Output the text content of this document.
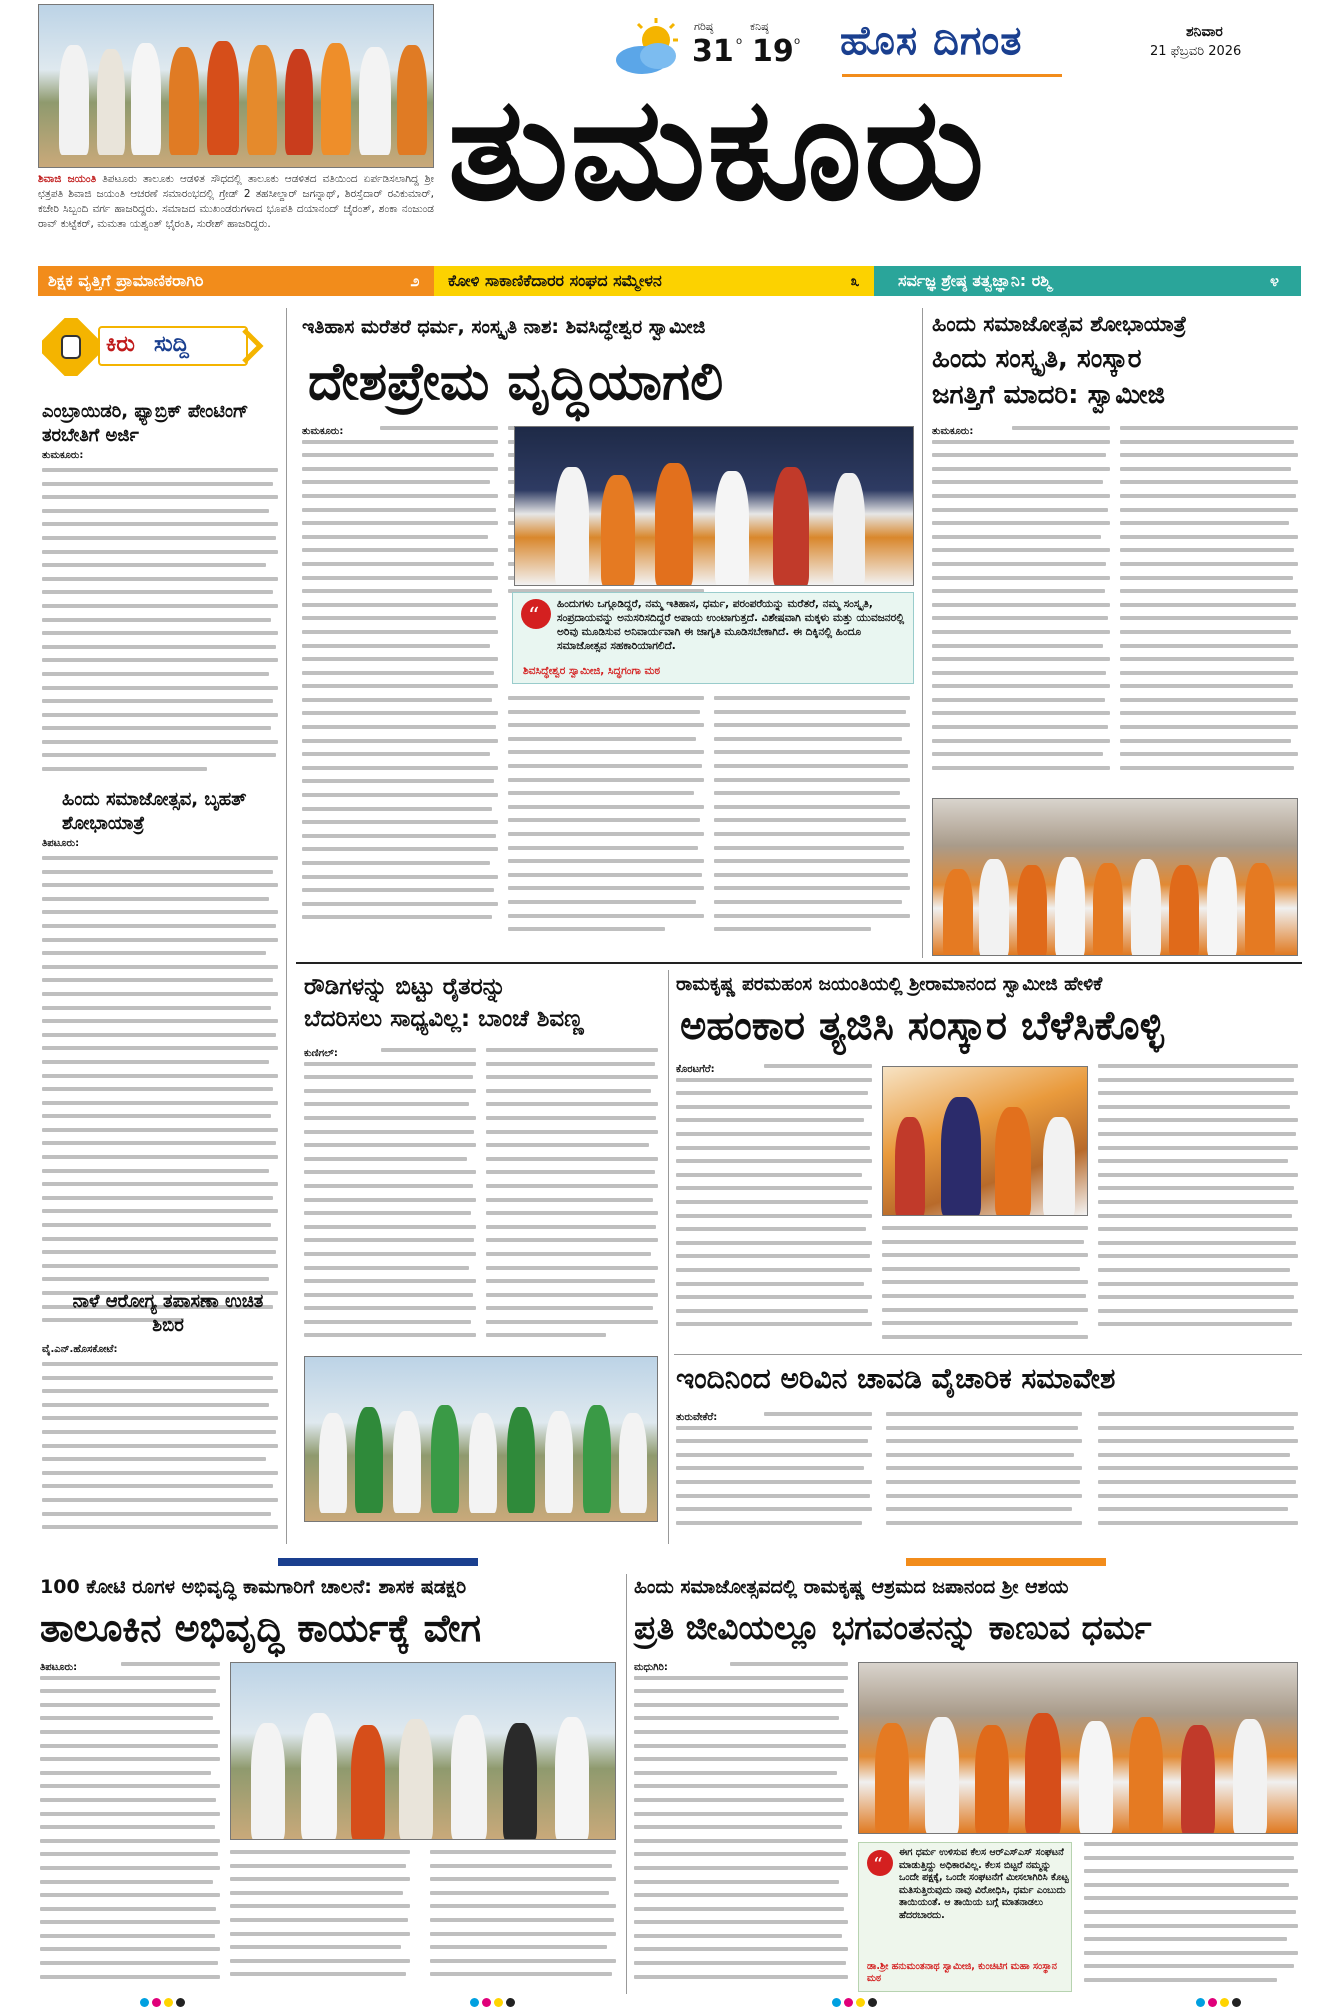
ಶಿವಾಜಿ ಜಯಂತಿ ತಿಪಟೂರು ತಾಲೂಕು ಆಡಳಿತ ಸೌಧದಲ್ಲಿ ತಾಲೂಕು ಆಡಳಿತದ ವತಿಯಿಂದ ಏರ್ಪಡಿಸಲಾಗಿದ್ದ ಶ್ರೀ ಛತ್ರಪತಿ ಶಿವಾಜಿ ಜಯಂತಿ ಆಚರಣೆ ಸಮಾರಂಭದಲ್ಲಿ ಗ್ರೇಡ್ 2 ತಹಸೀಲ್ದಾರ್ ಜಗನ್ನಾಥ್, ಶಿರಸ್ತೆದಾರ್ ರವಿಕುಮಾರ್, ಕಚೇರಿ ಸಿಬ್ಬಂದಿ ವರ್ಗ ಹಾಜರಿದ್ದರು. ಸಮಾಜದ ಮುಖಂಡರುಗಳಾದ ಭೂಪತಿ ದಯಾನಂದ್ ಚೈರಂತ್, ಶಂಕಾ ನಂಜುಂಡ ರಾವ್ ಕುಟ್ಟೆಕರ್, ಮಮತಾ ಯಶ್ವಂತ್ ಭೈರಂತಿ, ಸುರೇಶ್ ಹಾಜರಿದ್ದರು.
ಗರಿಷ್ಠ
31 o
ಕನಿಷ್ಠ
19 o ಹೊಸ ದಿಗಂತ	ಶನಿವಾರ
21 ಫೆಬ್ರವರಿ 2026
ತುಮಕೂರು
ಶಿಕ್ಷಕ ವೃತ್ತಿಗೆ ಪ್ರಾಮಾಣಿಕರಾಗಿರಿ	೨ ಕೋಳಿ ಸಾಕಾಣಿಕೆದಾರರ ಸಂಘದ ಸಮ್ಮೇಳನ	೩ ಸರ್ವಜ್ಞ ಶ್ರೇಷ್ಠ ತತ್ವಜ್ಞಾನಿ: ರಶ್ಮಿ	೪
ಕಿರು ಸುದ್ದಿ
ಎಂಬ್ರಾಯಿಡರಿ, ಫ್ಯಾಬ್ರಿಕ್ ಪೇಂಟಿಂಗ್ ತರಬೇತಿಗೆ ಅರ್ಜಿ
ತುಮಕೂರು:
ಹಿಂದು ಸಮಾಜೋತ್ಸವ, ಬೃಹತ್ ಶೋಭಾಯಾತ್ರೆ
ತಿಪಟೂರು:
ನಾಳೆ ಆರೋಗ್ಯ ತಪಾಸಣಾ ಉಚಿತ ಶಿಬಿರ
ವೈ.ಎನ್.ಹೊಸಕೋಟೆ:
ಇತಿಹಾಸ ಮರೆತರೆ ಧರ್ಮ, ಸಂಸ್ಕೃತಿ ನಾಶ: ಶಿವಸಿದ್ಧೇಶ್ವರ ಸ್ವಾಮೀಜಿ
ದೇಶಪ್ರೇಮ ವೃದ್ಧಿಯಾಗಲಿ
ತುಮಕೂರು:
“ ಹಿಂದುಗಳು ಒಗ್ಗೂಡಿದ್ದರೆ, ನಮ್ಮ ಇತಿಹಾಸ, ಧರ್ಮ, ಪರಂಪರೆಯನ್ನು ಮರೆತರೆ, ನಮ್ಮ ಸಂಸ್ಕೃತಿ, ಸಂಪ್ರದಾಯವನ್ನು ಅನುಸರಿಸದಿದ್ದರೆ ಅಪಾಯ ಉಂಟಾಗುತ್ತದೆ. ವಿಶೇಷವಾಗಿ ಮಕ್ಕಳು ಮತ್ತು ಯುವಜನರಲ್ಲಿ ಅರಿವು ಮೂಡಿಸುವ ಅನಿವಾರ್ಯವಾಗಿ ಈ ಜಾಗೃತಿ ಮೂಡಿಸಬೇಕಾಗಿದೆ. ಈ ದಿಕ್ಕಿನಲ್ಲಿ ಹಿಂದೂ ಸಮಾಜೋತ್ಸವ ಸಹಕಾರಿಯಾಗಲಿದೆ.
ಶಿವಸಿದ್ಧೇಶ್ವರ ಸ್ವಾಮೀಜಿ, ಸಿದ್ಧಗಂಗಾ ಮಠ
ಹಿಂದು ಸಮಾಜೋತ್ಸವ ಶೋಭಾಯಾತ್ರೆ
ಹಿಂದು ಸಂಸ್ಕೃತಿ, ಸಂಸ್ಕಾರ
ಜಗತ್ತಿಗೆ ಮಾದರಿ: ಸ್ವಾಮೀಜಿ
ತುಮಕೂರು:
ರೌಡಿಗಳನ್ನು ಬಿಟ್ಟು ರೈತರನ್ನು
ಬೆದರಿಸಲು ಸಾಧ್ಯವಿಲ್ಲ: ಬಾಂಚೆ ಶಿವಣ್ಣ
ಕುಣಿಗಲ್:
ರಾಮಕೃಷ್ಣ ಪರಮಹಂಸ ಜಯಂತಿಯಲ್ಲಿ ಶ್ರೀರಾಮಾನಂದ ಸ್ವಾಮೀಜಿ ಹೇಳಿಕೆ
ಅಹಂಕಾರ ತ್ಯಜಿಸಿ ಸಂಸ್ಕಾರ ಬೆಳೆಸಿಕೊಳ್ಳಿ
ಕೊರಟಗೆರೆ:
ಇಂದಿನಿಂದ ಅರಿವಿನ ಚಾವಡಿ ವೈಚಾರಿಕ ಸಮಾವೇಶ
ತುರುವೇಕೆರೆ:
100 ಕೋಟಿ ರೂಗಳ ಅಭಿವೃದ್ಧಿ ಕಾಮಗಾರಿಗೆ ಚಾಲನೆ: ಶಾಸಕ ಷಡಕ್ಷರಿ
ತಾಲೂಕಿನ ಅಭಿವೃದ್ಧಿ ಕಾರ್ಯಕ್ಕೆ ವೇಗ
ತಿಪಟೂರು:
ಹಿಂದು ಸಮಾಜೋತ್ಸವದಲ್ಲಿ ರಾಮಕೃಷ್ಣ ಆಶ್ರಮದ ಜಪಾನಂದ ಶ್ರೀ ಆಶಯ
ಪ್ರತಿ ಜೀವಿಯಲ್ಲೂ ಭಗವಂತನನ್ನು ಕಾಣುವ ಧರ್ಮ
ಮಧುಗಿರಿ:
“
ಈಗ ಧರ್ಮ ಉಳಿಸುವ ಕೆಲಸ ಆರ್‌ಎಸ್‌ಎಸ್ ಸಂಘಟನೆ ಮಾಡುತ್ತಿದ್ದು ಅಧಿಕಾರವಿಲ್ಲ. ಕೆಲಸ ಬಿಟ್ಟರೆ ನಮ್ಮನ್ನು ಒಂದೇ ಪಕ್ಷಕ್ಕೆ, ಒಂದೇ ಸಂಘಟನೆಗೆ ಮೀಸಲಾಗಿರಿಸಿ ಕೊಟ್ಟ ಮತಿಸುತ್ತಿರುವುದು ನಾವು ವಿರೋಧಿಸಿ, ಧರ್ಮ ಎಂಬುದು ತಾಯಿಯಂತೆ. ಆ ತಾಯಿಯ ಬಗ್ಗೆ ಮಾತನಾಡಲು ಹೆದರಬಾರದು.
ಡಾ.ಶ್ರೀ ಹನುಮಂತನಾಥ ಸ್ವಾಮೀಜಿ, ಕುಂಚಿಟಿಗ ಮಹಾ ಸಂಸ್ಥಾನ ಮಠ
